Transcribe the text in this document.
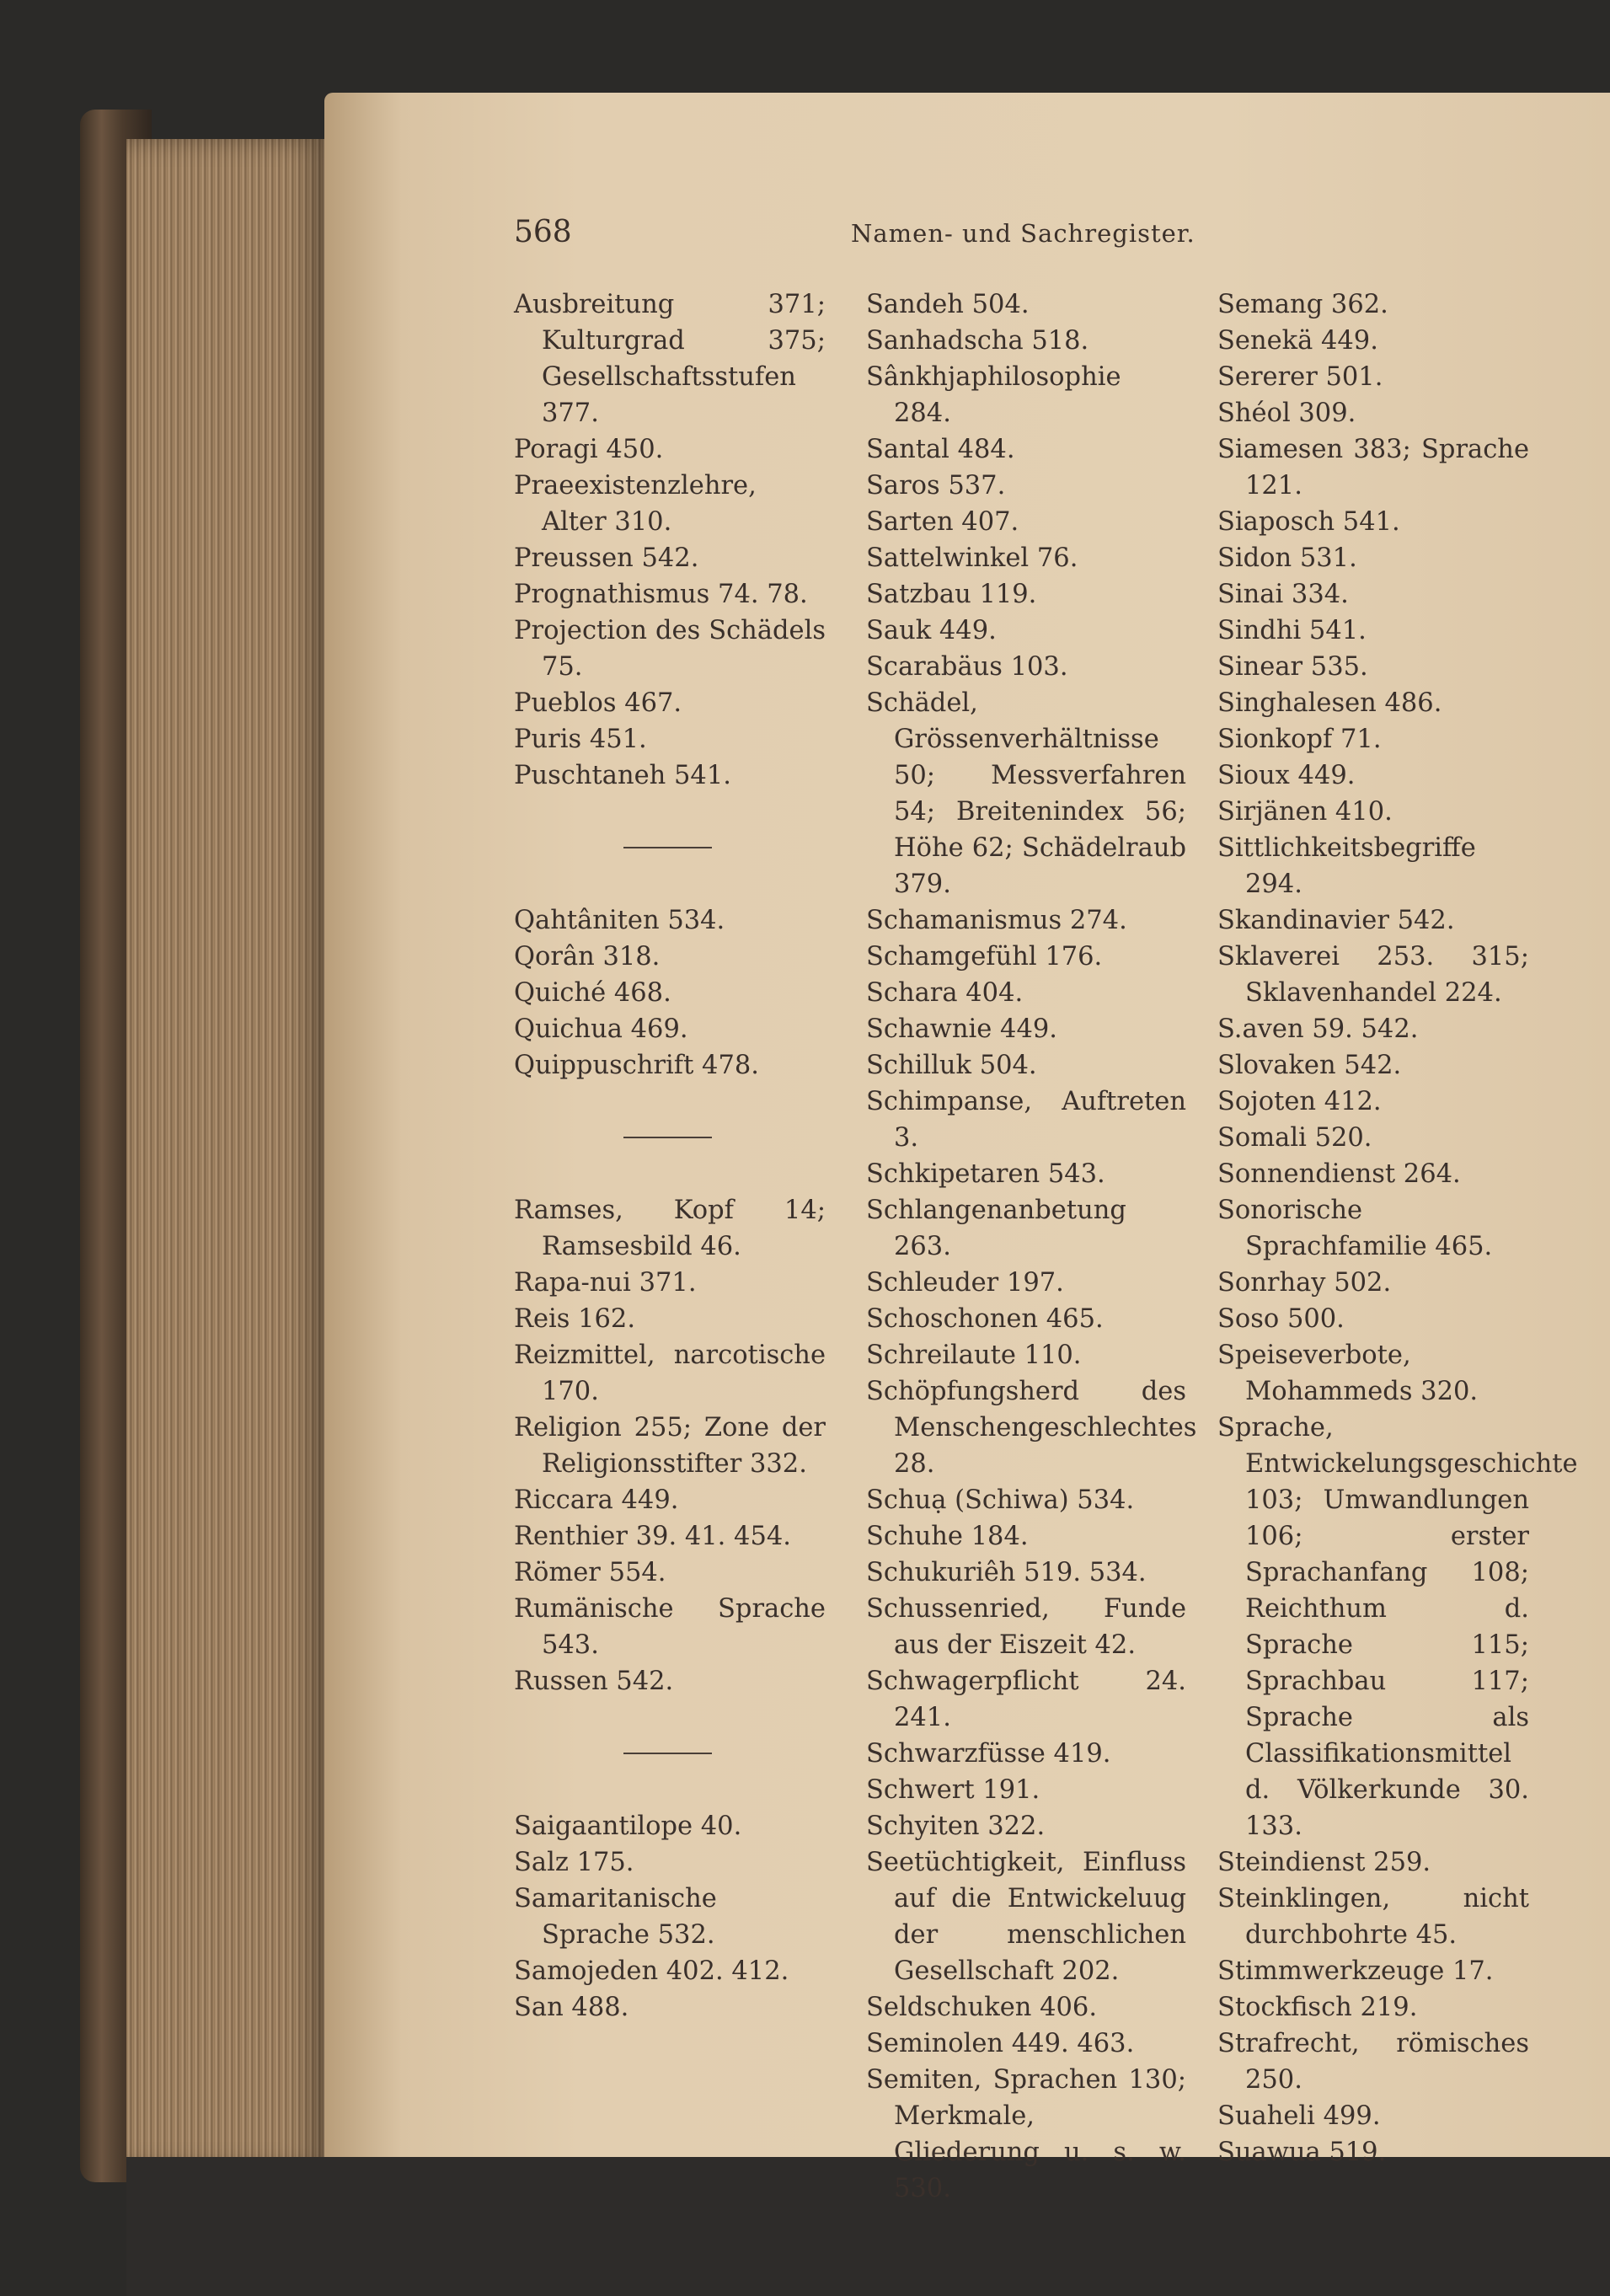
568	Namen- und Sachregister.

Ausbreitung 371; Kulturgrad 375; Gesellschaftsstufen 377.

Poragi 450.

Praeexistenzlehre, Alter 310.

Preussen 542.

Prognathismus 74. 78.

Projection des Schädels 75.

Pueblos 467.

Puris 451.

Puschtaneh 541.

Qahtâniten 534.

Qorân 318.

Quiché 468.

Quichua 469.

Quippuschrift 478.

Ramses, Kopf 14; Ramsesbild 46.

Rapa-nui 371.

Reis 162.

Reizmittel, narcotische 170.

Religion 255; Zone der Religionsstifter 332.

Riccara 449.

Renthier 39. 41. 454.

Römer 554.

Rumänische Sprache 543.

Russen 542.

Saigaantilope 40.

Salz 175.

Samaritanische Sprache 532.

Samojeden 402. 412.

San 488.

Sandeh 504.

Sanhadscha 518.

Sânkhjaphilosophie 284.

Santal 484.

Saros 537.

Sarten 407.

Sattelwinkel 76.

Satzbau 119.

Sauk 449.

Scarabäus 103.

Schädel, Grössenverhältnisse 50; Messverfahren 54; Breitenindex 56; Höhe 62; Schädelraub 379.

Schamanismus 274.

Schamgefühl 176.

Schara 404.

Schawnie 449.

Schilluk 504.

Schimpanse, Auftreten 3.

Schkipetaren 543.

Schlangenanbetung 263.

Schleuder 197.

Schoschonen 465.

Schreilaute 110.

Schöpfungsherd des Menschengeschlechtes 28.

Schuạ (Schiwa) 534.

Schuhe 184.

Schukuriêh 519. 534.

Schussenried, Funde aus der Eiszeit 42.

Schwagerpflicht 24. 241.

Schwarzfüsse 419.

Schwert 191.

Schyiten 322.

Seetüchtigkeit, Einfluss auf die Entwickeluug der menschlichen Gesellschaft 202.

Seldschuken 406.

Seminolen 449. 463.

Semiten, Sprachen 130; Merkmale, Gliederung u. s. w. 530.

Semang 362.

Senekä 449.

Sererer 501.

Shéol 309.

Siamesen 383; Sprache 121.

Siaposch 541.

Sidon 531.

Sinai 334.

Sindhi 541.

Sinear 535.

Singhalesen 486.

Sionkopf 71.

Sioux 449.

Sirjänen 410.

Sittlichkeitsbegriffe 294.

Skandinavier 542.

Sklaverei 253. 315; Sklavenhandel 224.

S.aven 59. 542.

Slovaken 542.

Sojoten 412.

Somali 520.

Sonnendienst 264.

Sonorische Sprachfamilie 465.

Sonrhay 502.

Soso 500.

Speiseverbote, Mohammeds 320.

Sprache, Entwickelungsgeschichte 103; Umwandlungen 106; erster Sprachanfang 108; Reichthum d. Sprache 115; Sprachbau 117; Sprache als Classifikationsmittel d. Völkerkunde 30. 133.

Steindienst 259.

Steinklingen, nicht durchbohrte 45.

Stimmwerkzeuge 17.

Stockfisch 219.

Strafrecht, römisches 250.

Suaheli 499.

Suawua 519.
